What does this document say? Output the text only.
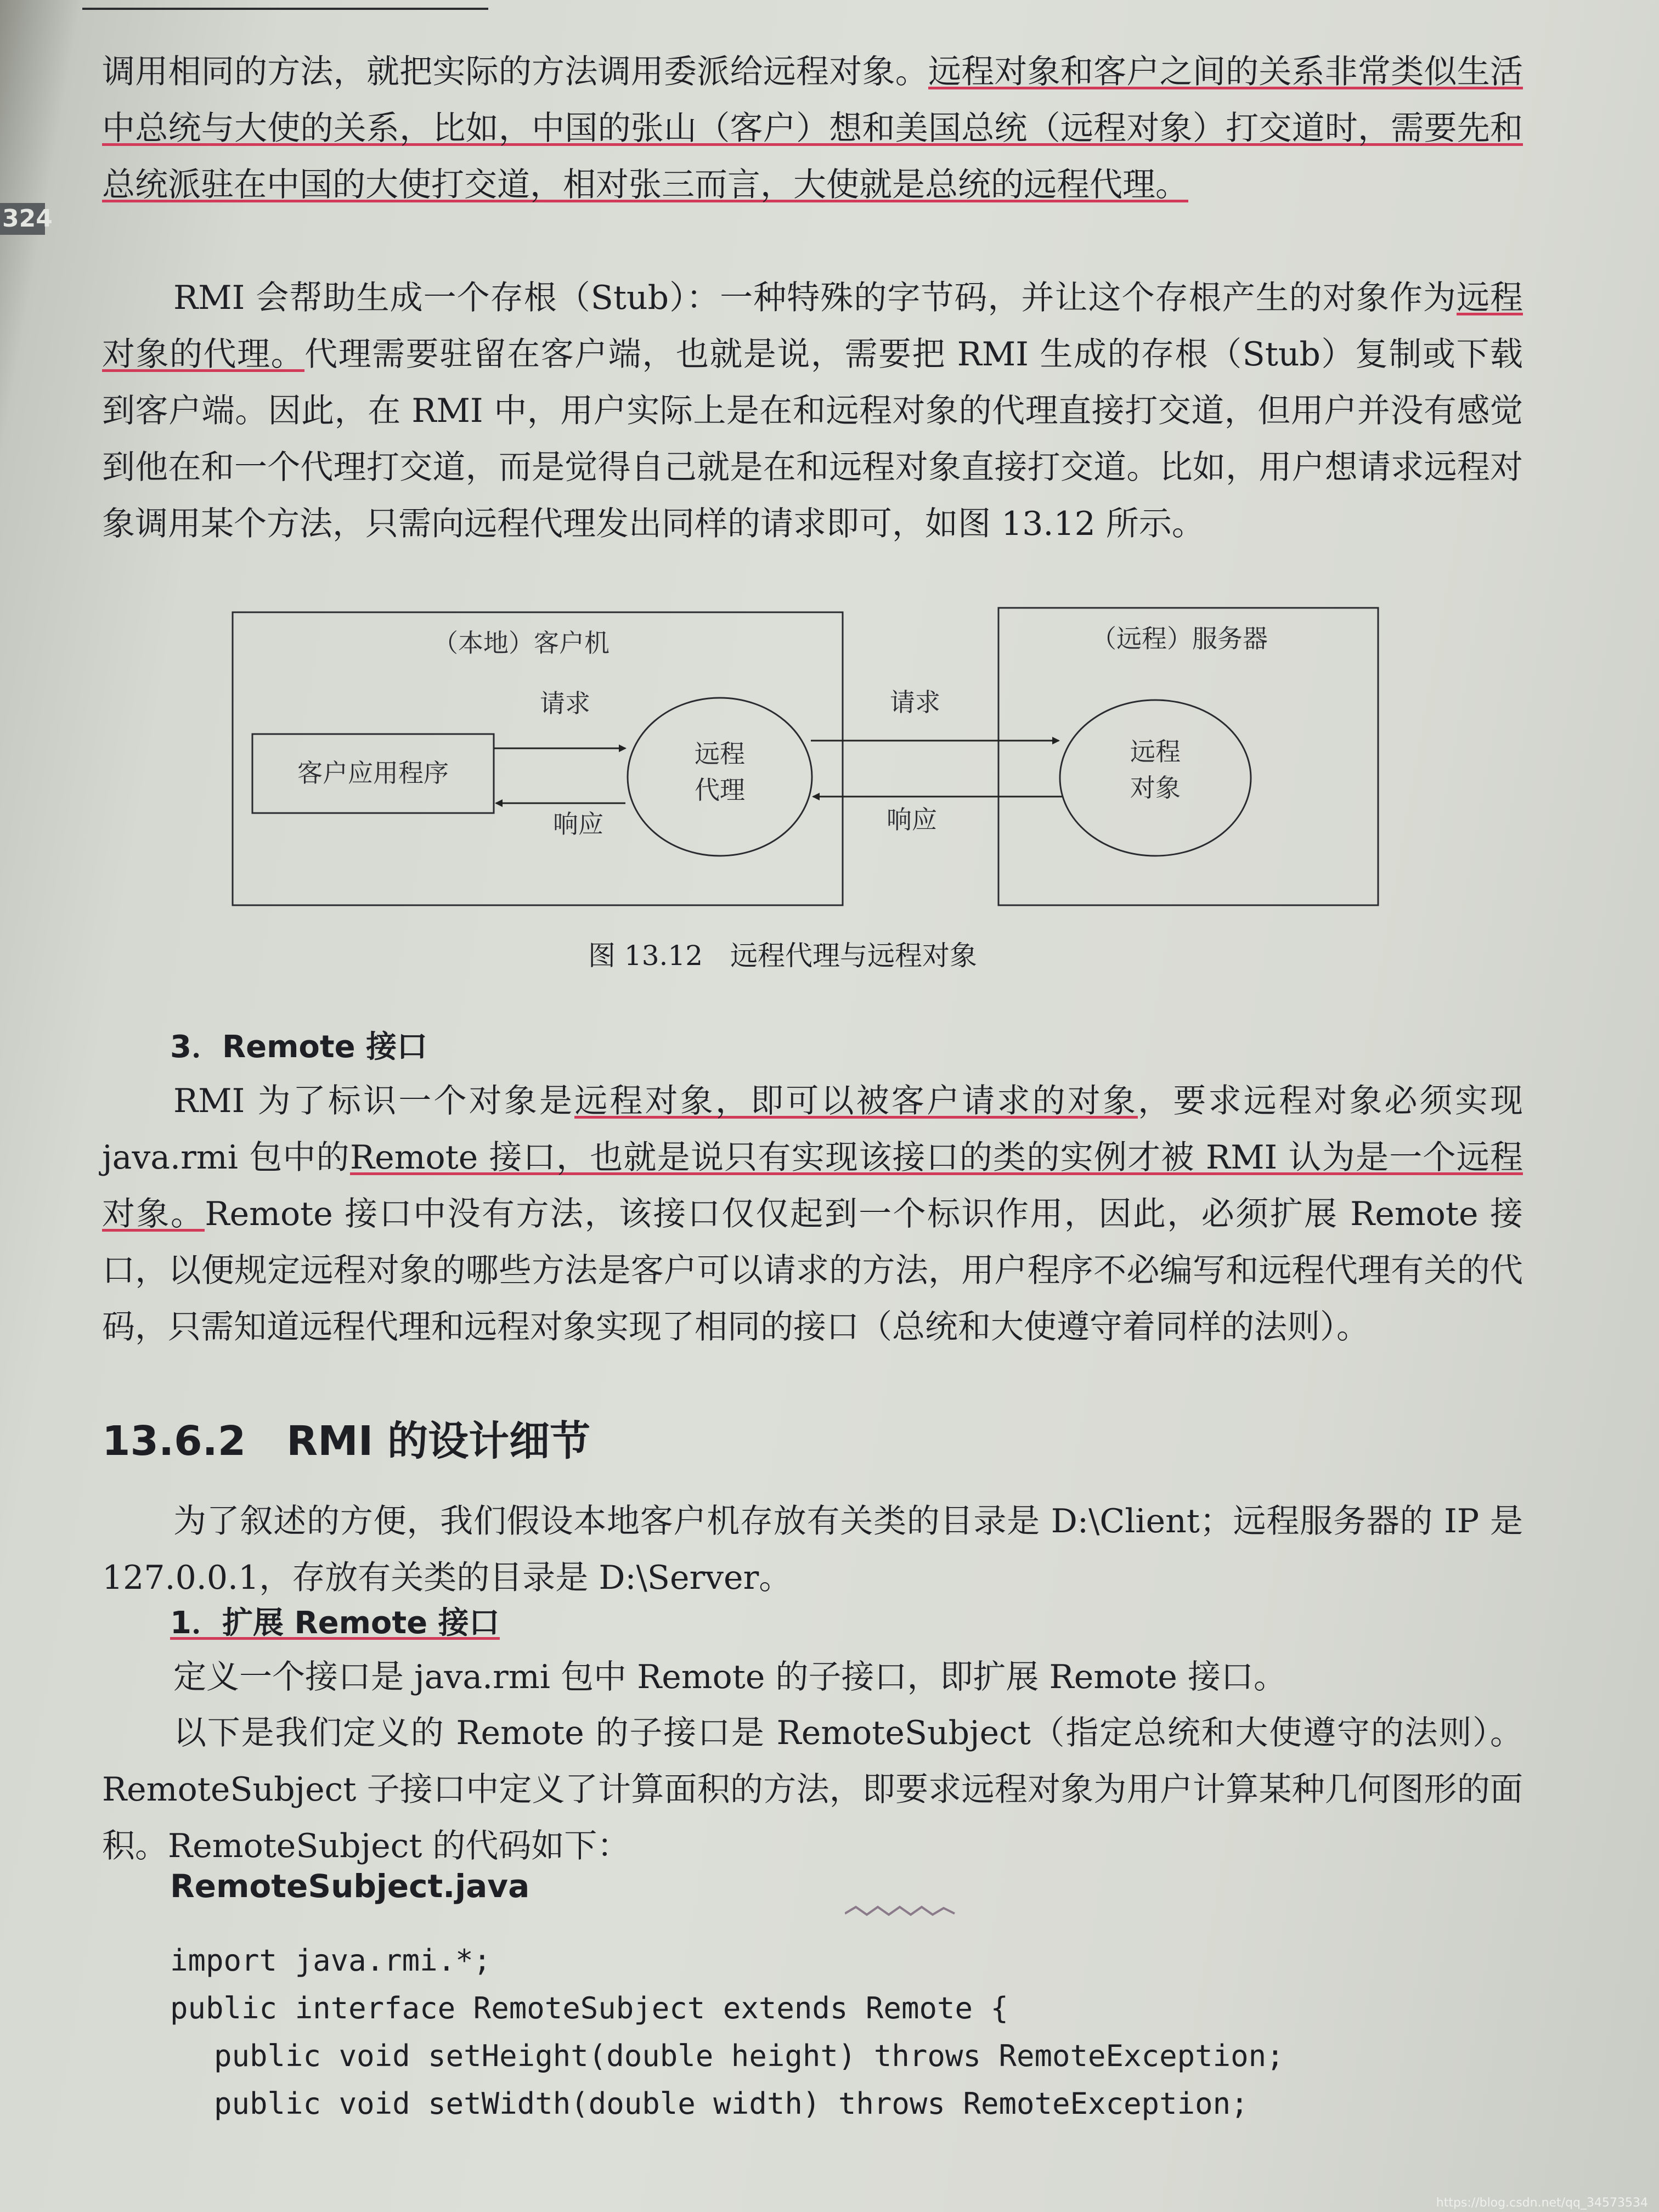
324

调用相同的方法，就把实际的方法调用委派给远程对象。远程对象和客户之间的关系非常类似生活中总统与大使的关系，比如，中国的张山（客户）想和美国总统（远程对象）打交道时，需要先和总统派驻在中国的大使打交道，相对张三而言，大使就是总统的远程代理。

RMI 会帮助生成一个存根（Stub）：一种特殊的字节码，并让这个存根产生的对象作为远程对象的代理。代理需要驻留在客户端，也就是说，需要把 RMI 生成的存根（Stub）复制或下载到客户端。因此，在 RMI 中，用户实际上是在和远程对象的代理直接打交道，但用户并没有感觉到他在和一个代理打交道，而是觉得自己就是在和远程对象直接打交道。比如，用户想请求远程对象调用某个方法，只需向远程代理发出同样的请求即可，如图 13.12 所示。

（本地）客户机	（远程）服务器
客户应用程序
远程
代理
远程
对象
请求
响应
请求
响应
图 13.12　远程代理与远程对象
3．Remote 接口

RMI 为了标识一个对象是远程对象，即可以被客户请求的对象，要求远程对象必须实现 java.rmi 包中的Remote 接口，也就是说只有实现该接口的类的实例才被 RMI 认为是一个远程对象。Remote 接口中没有方法，该接口仅仅起到一个标识作用，因此，必须扩展 Remote 接口，以便规定远程对象的哪些方法是客户可以请求的方法，用户程序不必编写和远程代理有关的代码，只需知道远程代理和远程对象实现了相同的接口（总统和大使遵守着同样的法则）。

13.6.2　RMI 的设计细节

为了叙述的方便，我们假设本地客户机存放有关类的目录是 D:\Client；远程服务器的 IP 是 127.0.0.1，存放有关类的目录是 D:\Server。

1．扩展 Remote 接口

定义一个接口是 java.rmi 包中 Remote 的子接口，即扩展 Remote 接口。

以下是我们定义的 Remote 的子接口是 RemoteSubject（指定总统和大使遵守的法则）。RemoteSubject 子接口中定义了计算面积的方法，即要求远程对象为用户计算某种几何图形的面积。RemoteSubject 的代码如下：

RemoteSubject.java
import java.rmi.*;
public interface RemoteSubject extends Remote {
public void setHeight(double height) throws RemoteException;
public void setWidth(double width) throws RemoteException;
https://blog.csdn.net/qq_34573534
